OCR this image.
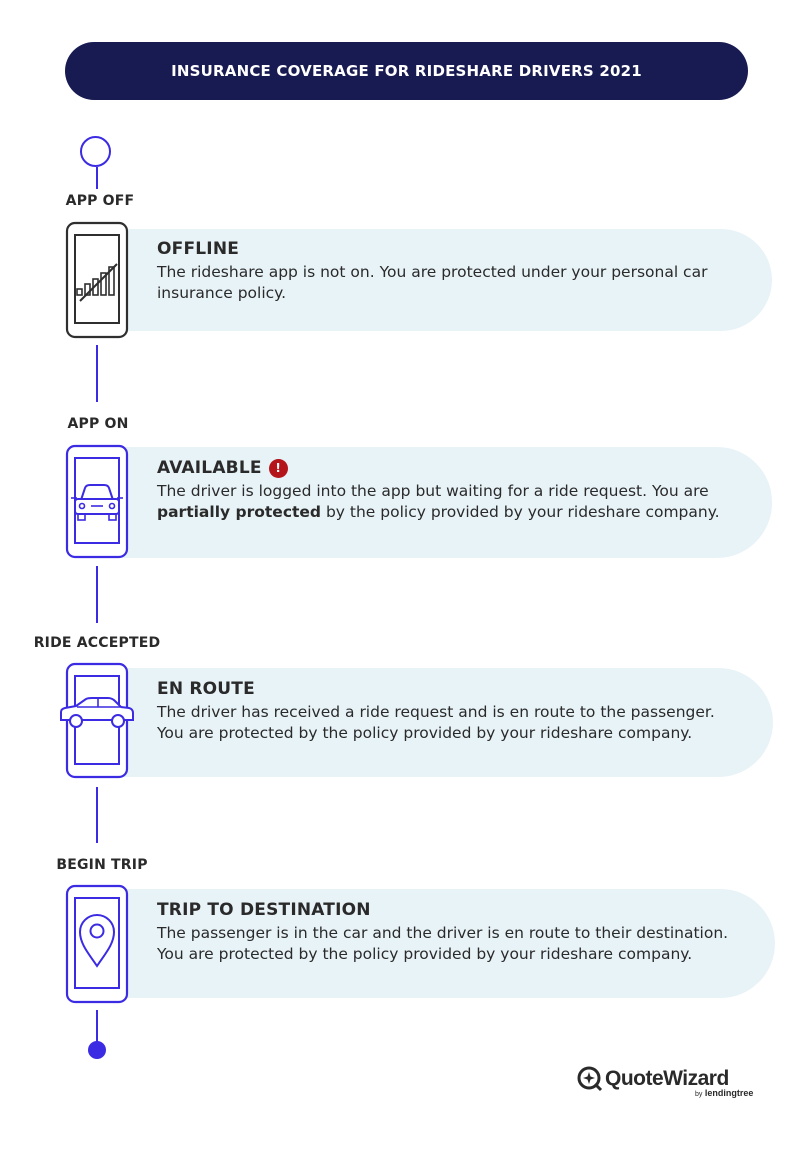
INSURANCE COVERAGE FOR RIDESHARE DRIVERS 2021
APP OFF
APP ON
RIDE ACCEPTED
BEGIN TRIP

OFFLINE

The rideshare app is not on. You are protected under your personal car insurance policy.

AVAILABLE	!

The driver is logged into the app but waiting for a ride request. You are partially protected by the policy provided by your rideshare company.

EN ROUTE

The driver has received a ride request and is en route to the passenger. You are protected by the policy provided by your rideshare company.

TRIP TO DESTINATION

The passenger is in the car and the driver is en route to their destination. You are protected by the policy provided by your rideshare company.

QuoteWizard
by lendingtree
